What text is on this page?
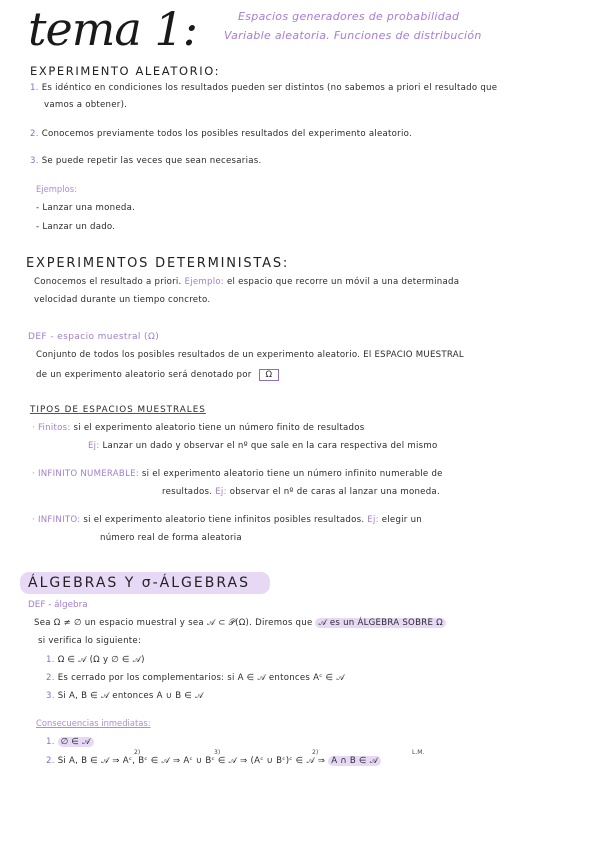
tema 1:	Espacios generadores de probabilidad
Variable aleatoria. Funciones de distribución
EXPERIMENTO ALEATORIO:
1. Es idéntico en condiciones los resultados pueden ser distintos (no sabemos a priori el resultado que
vamos a obtener).
2. Conocemos previamente todos los posibles resultados del experimento aleatorio.
3. Se puede repetir las veces que sean necesarias.
Ejemplos:
- Lanzar una moneda.
- Lanzar un dado.
EXPERIMENTOS DETERMINISTAS:
Conocemos el resultado a priori. Ejemplo: el espacio que recorre un móvil a una determinada
velocidad durante un tiempo concreto.
DEF - espacio muestral (Ω)
Conjunto de todos los posibles resultados de un experimento aleatorio. El ESPACIO MUESTRAL
de un experimento aleatorio será denotado por Ω
TIPOS DE ESPACIOS MUESTRALES
· Finitos: si el experimento aleatorio tiene un número finito de resultados
Ej: Lanzar un dado y observar el nº que sale en la cara respectiva del mismo
· INFINITO NUMERABLE: si el experimento aleatorio tiene un número infinito numerable de
resultados. Ej: observar el nº de caras al lanzar una moneda.
· INFINITO: si el experimento aleatorio tiene infinitos posibles resultados. Ej: elegir un
número real de forma aleatoria
ÁLGEBRAS Y σ-ÁLGEBRAS
DEF - álgebra
Sea Ω ≠ ∅ un espacio muestral y sea 𝒜 ⊂ 𝒫(Ω). Diremos que 𝒜 es un ÁLGEBRA SOBRE Ω
si verifica lo siguiente:
1. Ω ∈ 𝒜 (Ω y ∅ ∈ 𝒜)
2. Es cerrado por los complementarios: si A ∈ 𝒜 entonces Aᶜ ∈ 𝒜
3. Si A, B ∈ 𝒜 entonces A ∪ B ∈ 𝒜
Consecuencias inmediatas:
1. ∅ ∈ 𝒜
2)	3)	2)	L.M.
2. Si A, B ∈ 𝒜 ⇒ Aᶜ, Bᶜ ∈ 𝒜 ⇒ Aᶜ ∪ Bᶜ ∈ 𝒜 ⇒ (Aᶜ ∪ Bᶜ)ᶜ ∈ 𝒜 ⇒ A ∩ B ∈ 𝒜
